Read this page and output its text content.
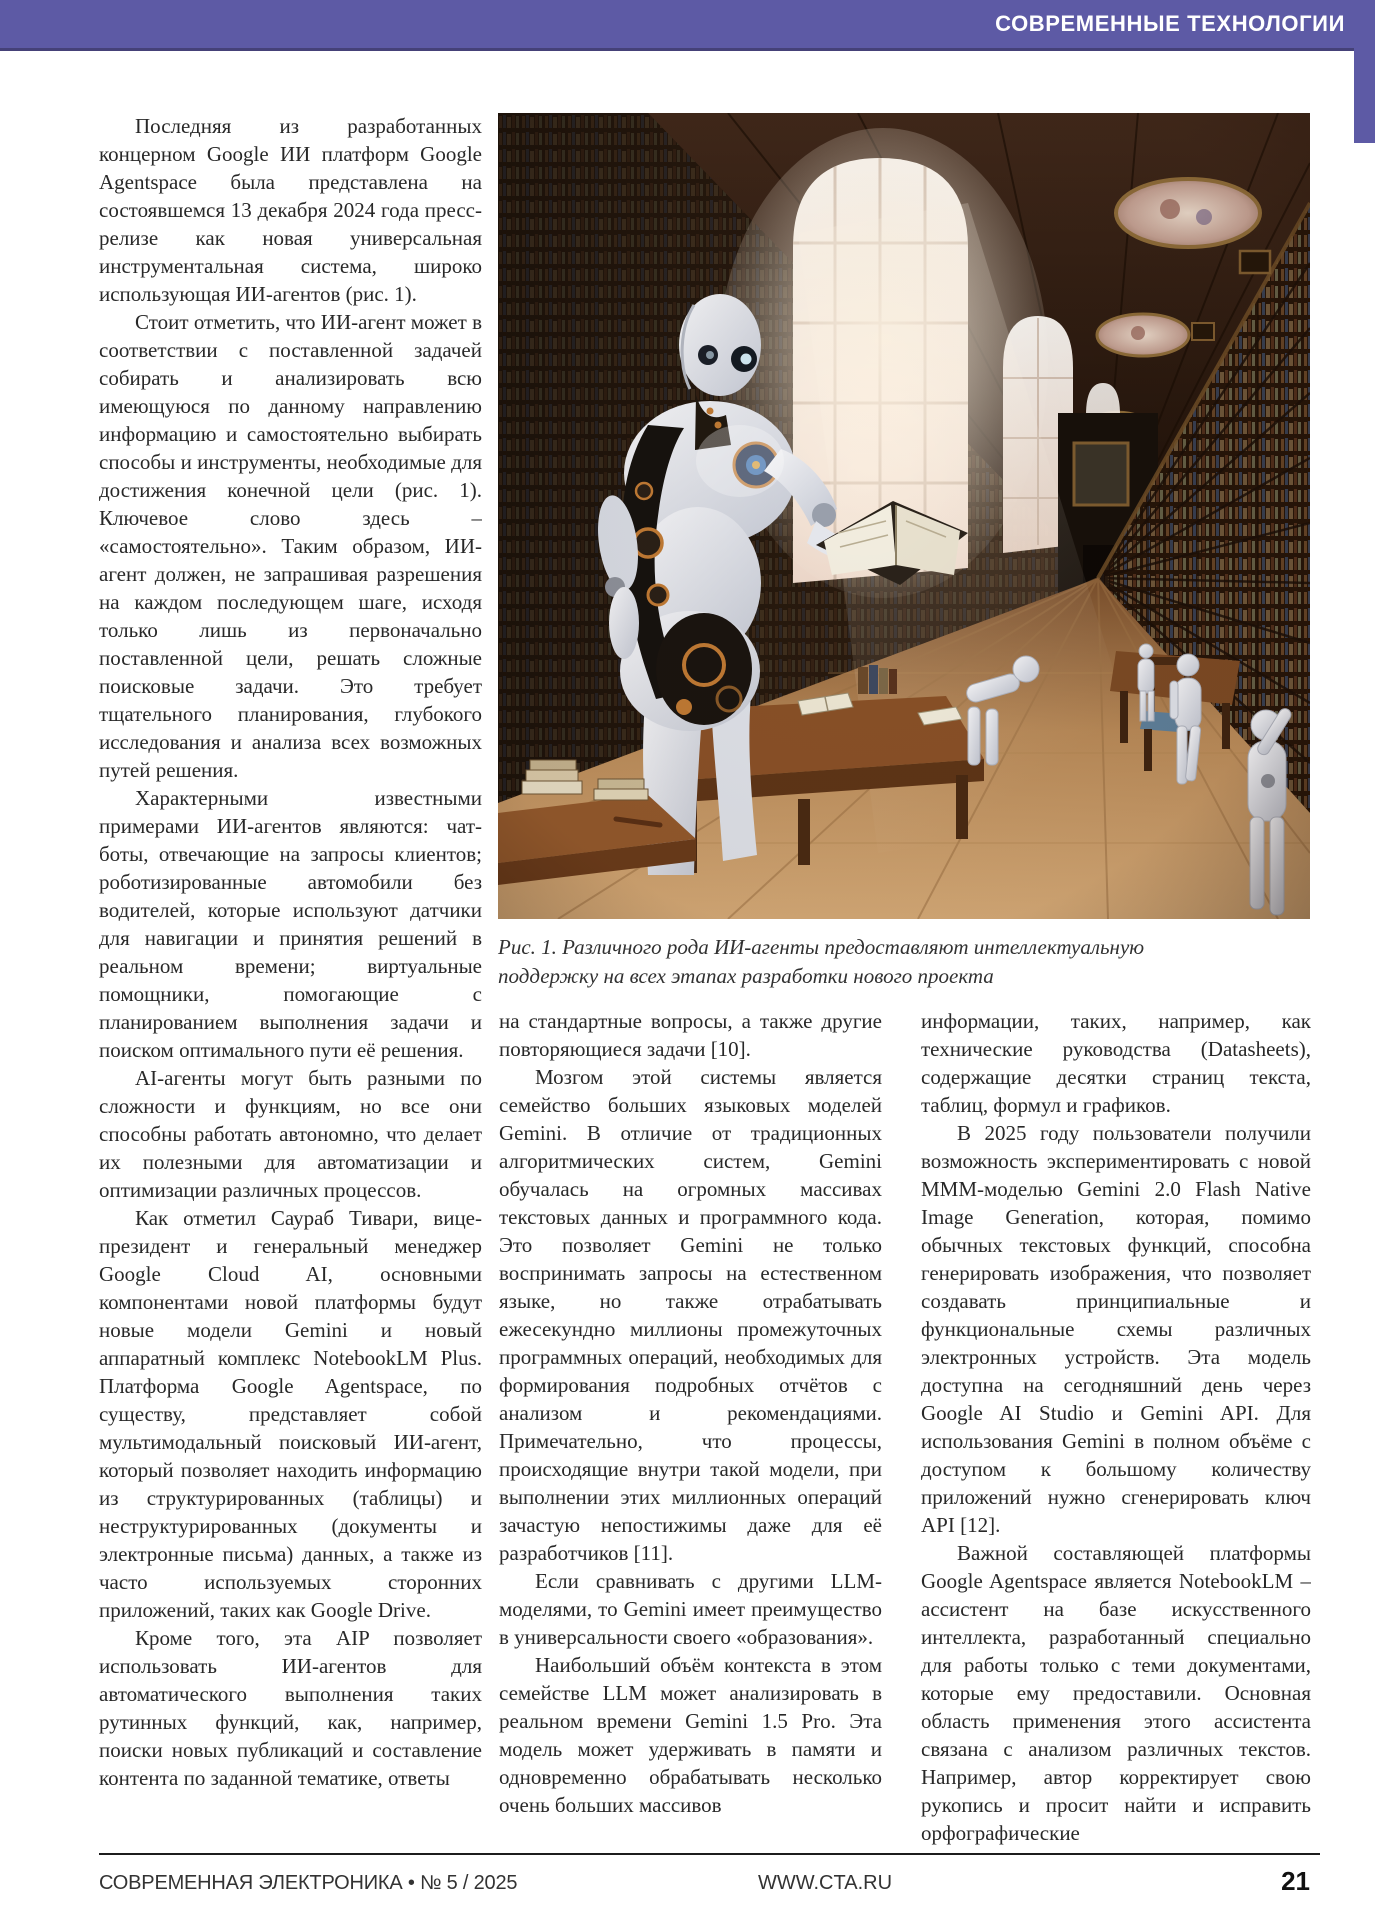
СОВРЕМЕННЫЕ ТЕХНОЛОГИИ

Последняя из разработанных концерном Google ИИ платформ Google Agentspace была представлена на состоявшемся 13 декабря 2024 года пресс-релизе как новая универсальная инструментальная система, широко использующая ИИ-агентов (рис. 1).

Стоит отметить, что ИИ-агент может в соответствии с поставленной задачей собирать и анализировать всю имеющуюся по данному направлению информацию и самостоятельно выбирать способы и инструменты, необходимые для достижения конечной цели (рис. 1). Ключевое слово здесь – «самостоятельно». Таким образом, ИИ-агент должен, не запрашивая разрешения на каждом последующем шаге, исходя только лишь из первоначально поставленной цели, решать сложные поисковые задачи. Это требует тщательного планирования, глубокого исследования и анализа всех возможных путей решения.

Характерными известными примерами ИИ-агентов являются: чат-боты, отвечающие на запросы клиентов; роботизированные автомобили без водителей, которые используют датчики для навигации и принятия решений в реальном времени; виртуальные помощники, помогающие с планированием выполнения задачи и поиском оптимального пути её решения.

AI-агенты могут быть разными по сложности и функциям, но все они способны работать автономно, что делает их полезными для автоматизации и оптимизации различных процессов.

Как отметил Саураб Тивари, вице-президент и генеральный менеджер Google Cloud AI, основными компонентами новой платформы будут новые модели Gemini и новый аппаратный комплекс NotebookLM Plus. Платформа Google Agentspace, по существу, представляет собой мультимодальный поисковый ИИ-агент, который позволяет находить информацию из структурированных (таблицы) и неструктурированных (документы и электронные письма) данных, а также из часто используемых сторонних приложений, таких как Google Drive.

Кроме того, эта AIP позволяет использовать ИИ-агентов для автоматического выполнения таких рутинных функций, как, например, поиски новых публикаций и составление контента по заданной тематике, ответы

Рис. 1. Различного рода ИИ-агенты предоставляют интеллектуальную поддержку на всех этапах разработки нового проекта

на стандартные вопросы, а также другие повторяющиеся задачи [10].

Мозгом этой системы является семейство больших языковых моделей Gemini. В отличие от традиционных алгоритмических систем, Gemini обучалась на огромных массивах текстовых данных и программного кода. Это позволяет Gemini не только воспринимать запросы на естественном языке, но также отрабатывать ежесекундно миллионы промежуточных программных операций, необходимых для формирования подробных отчётов с анализом и рекомендациями. Примечательно, что процессы, происходящие внутри такой модели, при выполнении этих миллионных операций зачастую непостижимы даже для её разработчиков [11].

Если сравнивать с другими LLM-моделями, то Gemini имеет преимущество в универсальности своего «образования».

Наибольший объём контекста в этом семействе LLM может анализировать в реальном времени Gemini 1.5 Pro. Эта модель может удерживать в памяти и одновременно обрабатывать несколько очень больших массивов

информации, таких, например, как технические руководства (Datasheets), содержащие десятки страниц текста, таблиц, формул и графиков.

В 2025 году пользователи получили возможность экспериментировать с новой МММ-моделью Gemini 2.0 Flash Native Image Generation, которая, помимо обычных текстовых функций, способна генерировать изображения, что позволяет создавать принципиальные и функциональные схемы различных электронных устройств. Эта модель доступна на сегодняшний день через Google AI Studio и Gemini API. Для использования Gemini в полном объёме с доступом к большому количеству приложений нужно сгенерировать ключ API [12].

Важной составляющей платформы Google Agentspace является NotebookLM – ассистент на базе искусственного интеллекта, разработанный специально для работы только с теми документами, которые ему предоставили. Основная область применения этого ассистента связана с анализом различных текстов. Например, автор корректирует свою рукопись и просит найти и исправить орфографические

СОВРЕМЕННАЯ ЭЛЕКТРОНИКА • № 5 / 2025	WWW.CTA.RU	21
